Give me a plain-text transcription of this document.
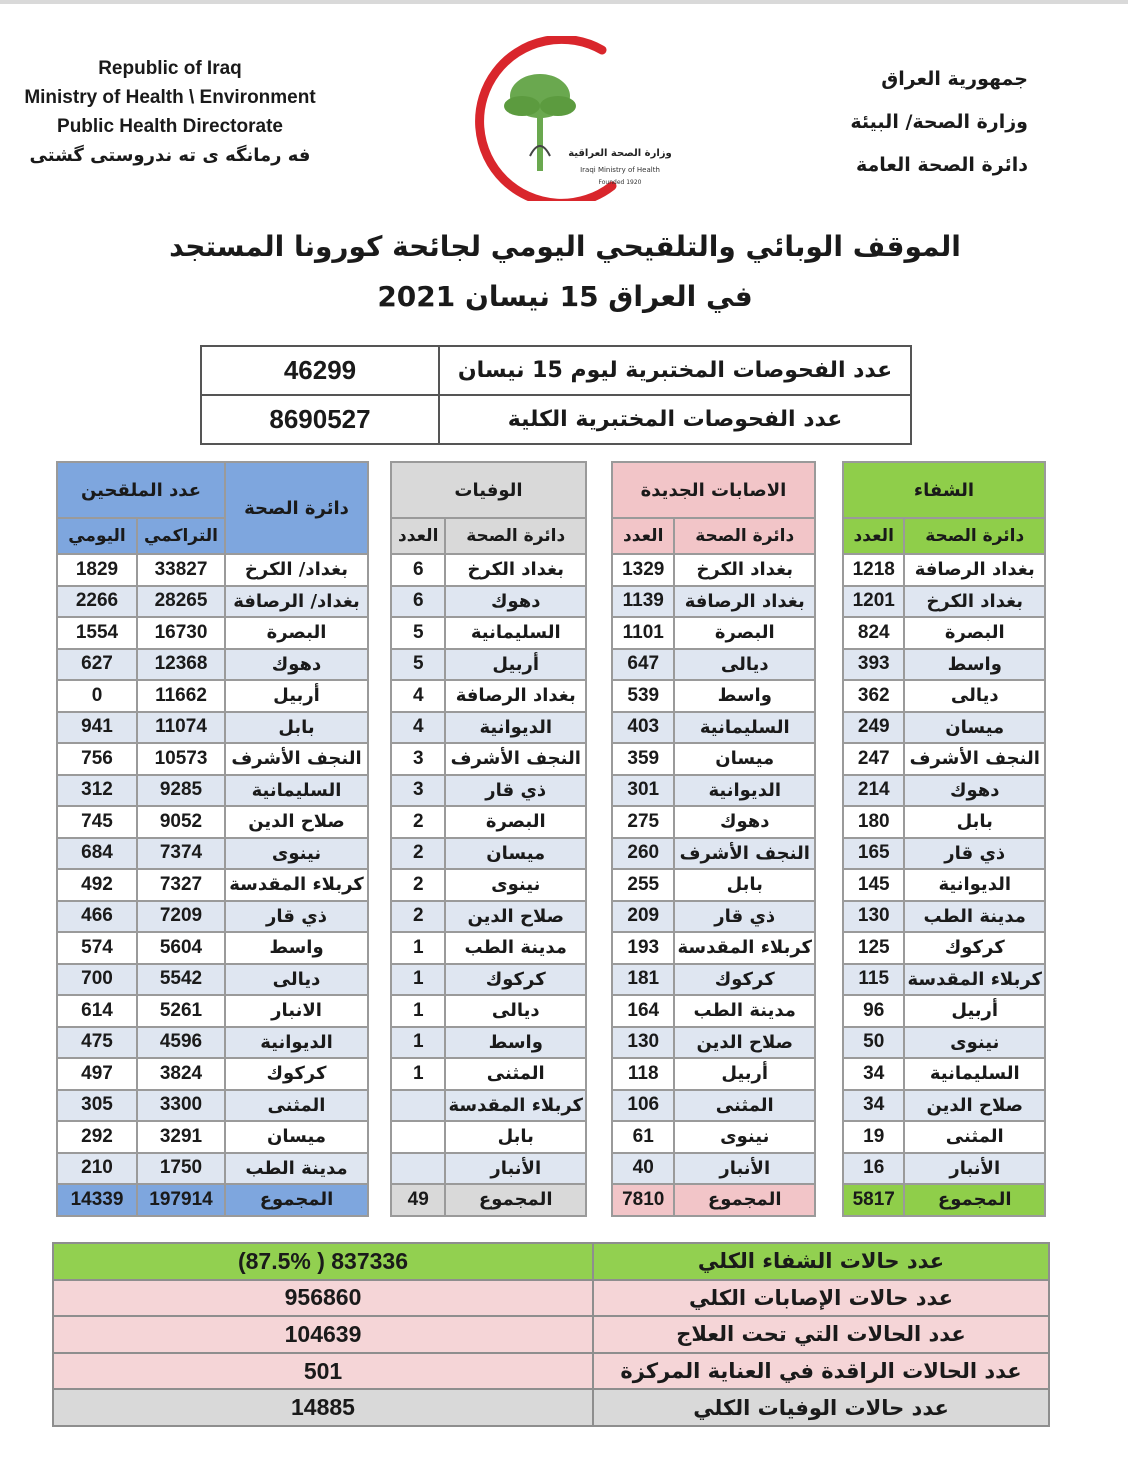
Republic of Iraq
Ministry of Health \ Environment
Public Health Directorate
فه رمانگه ی ته ندروستی گشتی	وزارة الصحة العراقية
Iraqi Ministry of Health
Founded 1920
جمهورية العراق
وزارة الصحة/ البيئة
دائرة الصحة العامة
الموقف الوبائي والتلقيحي اليومي لجائحة كورونا المستجد
في العراق 15 نيسان 2021
46299	عدد الفحوصات المختبرية ليوم 15 نيسان
8690527	عدد الفحوصات المختبرية الكلية
عدد الملقحين		دائرة الصحة
اليومي	التراكمي	
1829	33827	بغداد/ الكرخ
2266	28265	بغداد/ الرصافة
1554	16730	البصرة
627	12368	دهوك
0	11662	أربيل
941	11074	بابل
756	10573	النجف الأشرف
312	9285	السليمانية
745	9052	صلاح الدين
684	7374	نينوى
492	7327	كربلاء المقدسة
466	7209	ذي قار
574	5604	واسط
700	5542	ديالى
614	5261	الانبار
475	4596	الديوانية
497	3824	كركوك
305	3300	المثنى
292	3291	ميسان
210	1750	مدينة الطب
14339	197914	المجموع
الوفيات	
العدد	دائرة الصحة
6	بغداد الكرخ
6	دهوك
5	السليمانية
5	أربيل
4	بغداد الرصافة
4	الديوانية
3	النجف الأشرف
3	ذي قار
2	البصرة
2	ميسان
2	نينوى
2	صلاح الدين
1	مدينة الطب
1	كركوك
1	ديالى
1	واسط
1	المثنى
	كربلاء المقدسة
	بابل
	الأنبار
49	المجموع
الاصابات الجديدة	
العدد	دائرة الصحة
1329	بغداد الكرخ
1139	بغداد الرصافة
1101	البصرة
647	ديالى
539	واسط
403	السليمانية
359	ميسان
301	الديوانية
275	دهوك
260	النجف الأشرف
255	بابل
209	ذي قار
193	كربلاء المقدسة
181	كركوك
164	مدينة الطب
130	صلاح الدين
118	أربيل
106	المثنى
61	نينوى
40	الأنبار
7810	المجموع
الشفاء	
العدد	دائرة الصحة
1218	بغداد الرصافة
1201	بغداد الكرخ
824	البصرة
393	واسط
362	ديالى
249	ميسان
247	النجف الأشرف
214	دهوك
180	بابل
165	ذي قار
145	الديوانية
130	مدينة الطب
125	كركوك
115	كربلاء المقدسة
96	أربيل
50	نينوى
34	السليمانية
34	صلاح الدين
19	المثنى
16	الأنبار
5817	المجموع
(87.5% ) 837336	عدد حالات الشفاء الكلي
956860	عدد حالات الإصابات الكلي
104639	عدد الحالات التي تحت العلاج
501	عدد الحالات الراقدة في العناية المركزة
14885	عدد حالات الوفيات الكلي
